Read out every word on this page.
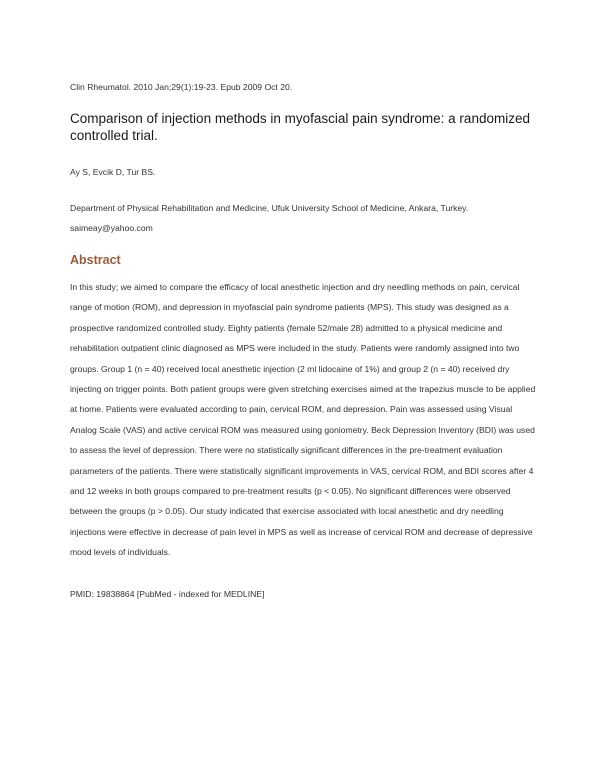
Clin Rheumatol. 2010 Jan;29(1):19-23. Epub 2009 Oct 20.
Comparison of injection methods in myofascial pain syndrome: a randomized controlled trial.
Ay S, Evcik D, Tur BS.
Department of Physical Rehabilitation and Medicine, Ufuk University School of Medicine, Ankara, Turkey.
saimeay@yahoo.com
Abstract

In this study; we aimed to compare the efficacy of local anesthetic injection and dry needling methods on pain, cervical range of motion (ROM), and depression in myofascial pain syndrome patients (MPS). This study was designed as a prospective randomized controlled study. Eighty patients (female 52/male 28) admitted to a physical medicine and rehabilitation outpatient clinic diagnosed as MPS were included in the study. Patients were randomly assigned into two groups. Group 1 (n = 40) received local anesthetic injection (2 ml lidocaine of 1%) and group 2 (n = 40) received dry injecting on trigger points. Both patient groups were given stretching exercises aimed at the trapezius muscle to be applied at home. Patients were evaluated according to pain, cervical ROM, and depression. Pain was assessed using Visual Analog Scale (VAS) and active cervical ROM was measured using goniometry. Beck Depression Inventory (BDI) was used to assess the level of depression. There were no statistically significant differences in the pre-treatment evaluation parameters of the patients. There were statistically significant improvements in VAS, cervical ROM, and BDI scores after 4 and 12 weeks in both groups compared to pre-treatment results (p < 0.05). No significant differences were observed between the groups (p > 0.05). Our study indicated that exercise associated with local anesthetic and dry needling injections were effective in decrease of pain level in MPS as well as increase of cervical ROM and decrease of depressive mood levels of individuals.

PMID: 19838864 [PubMed - indexed for MEDLINE]
